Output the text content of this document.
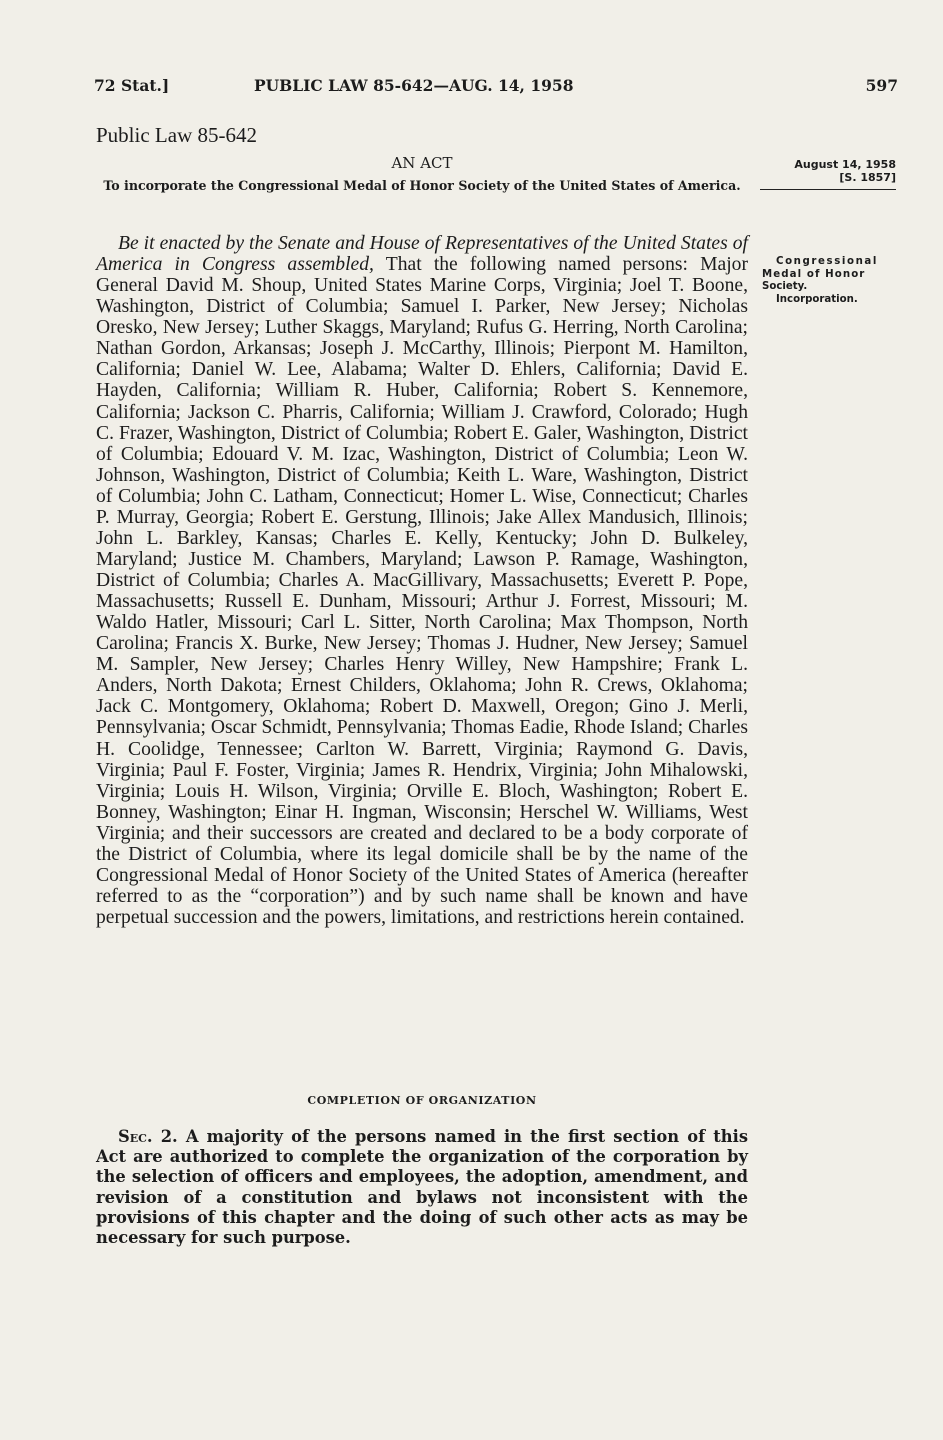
72 Stat.]	PUBLIC LAW 85-642—AUG. 14, 1958	597
Public Law 85-642
AN ACT
To incorporate the Congressional Medal of Honor Society of the United States of America.
August 14, 1958
[S. 1857]
Congressional
Medal of Honor
Society.
Incorporation.

Be it enacted by the Senate and House of Representatives of the United States of America in Congress assembled, That the following named persons: Major General David M. Shoup, United States Marine Corps, Virginia; Joel T. Boone, Washington, District of Columbia; Samuel I. Parker, New Jersey; Nicholas Oresko, New Jersey; Luther Skaggs, Maryland; Rufus G. Herring, North Carolina; Nathan Gordon, Arkansas; Joseph J. McCarthy, Illinois; Pierpont M. Hamilton, California; Daniel W. Lee, Alabama; Walter D. Ehlers, California; David E. Hayden, California; William R. Huber, California; Robert S. Kennemore, California; Jackson C. Pharris, California; William J. Crawford, Colorado; Hugh C. Frazer, Washington, District of Columbia; Robert E. Galer, Washington, District of Columbia; Edouard V. M. Izac, Washington, District of Columbia; Leon W. Johnson, Washington, District of Columbia; Keith L. Ware, Washington, District of Columbia; John C. Latham, Connecticut; Homer L. Wise, Connecticut; Charles P. Murray, Georgia; Robert E. Gerstung, Illinois; Jake Allex Mandusich, Illinois; John L. Barkley, Kansas; Charles E. Kelly, Kentucky; John D. Bulkeley, Maryland; Justice M. Chambers, Maryland; Lawson P. Ramage, Washington, District of Columbia; Charles A. MacGillivary, Massachusetts; Everett P. Pope, Massachusetts; Russell E. Dunham, Missouri; Arthur J. Forrest, Missouri; M. Waldo Hatler, Missouri; Carl L. Sitter, North Carolina; Max Thompson, North Carolina; Francis X. Burke, New Jersey; Thomas J. Hudner, New Jersey; Samuel M. Sampler, New Jersey; Charles Henry Willey, New Hampshire; Frank L. Anders, North Dakota; Ernest Childers, Oklahoma; John R. Crews, Oklahoma; Jack C. Montgomery, Oklahoma; Robert D. Maxwell, Oregon; Gino J. Merli, Pennsylvania; Oscar Schmidt, Pennsylvania; Thomas Eadie, Rhode Island; Charles H. Coolidge, Tennessee; Carlton W. Barrett, Virginia; Raymond G. Davis, Virginia; Paul F. Foster, Virginia; James R. Hendrix, Virginia; John Mihalowski, Virginia; Louis H. Wilson, Virginia; Orville E. Bloch, Washington; Robert E. Bonney, Washington; Einar H. Ingman, Wisconsin; Herschel W. Williams, West Virginia; and their successors are created and declared to be a body corporate of the District of Columbia, where its legal domicile shall be by the name of the Congressional Medal of Honor Society of the United States of America (hereafter referred to as the “corporation”) and by such name shall be known and have perpetual succession and the powers, limitations, and restrictions herein contained.

COMPLETION OF ORGANIZATION

Sec. 2. A majority of the persons named in the first section of this Act are authorized to complete the organization of the corporation by the selection of officers and employees, the adoption, amendment, and revision of a constitution and bylaws not inconsistent with the provisions of this chapter and the doing of such other acts as may be necessary for such purpose.
